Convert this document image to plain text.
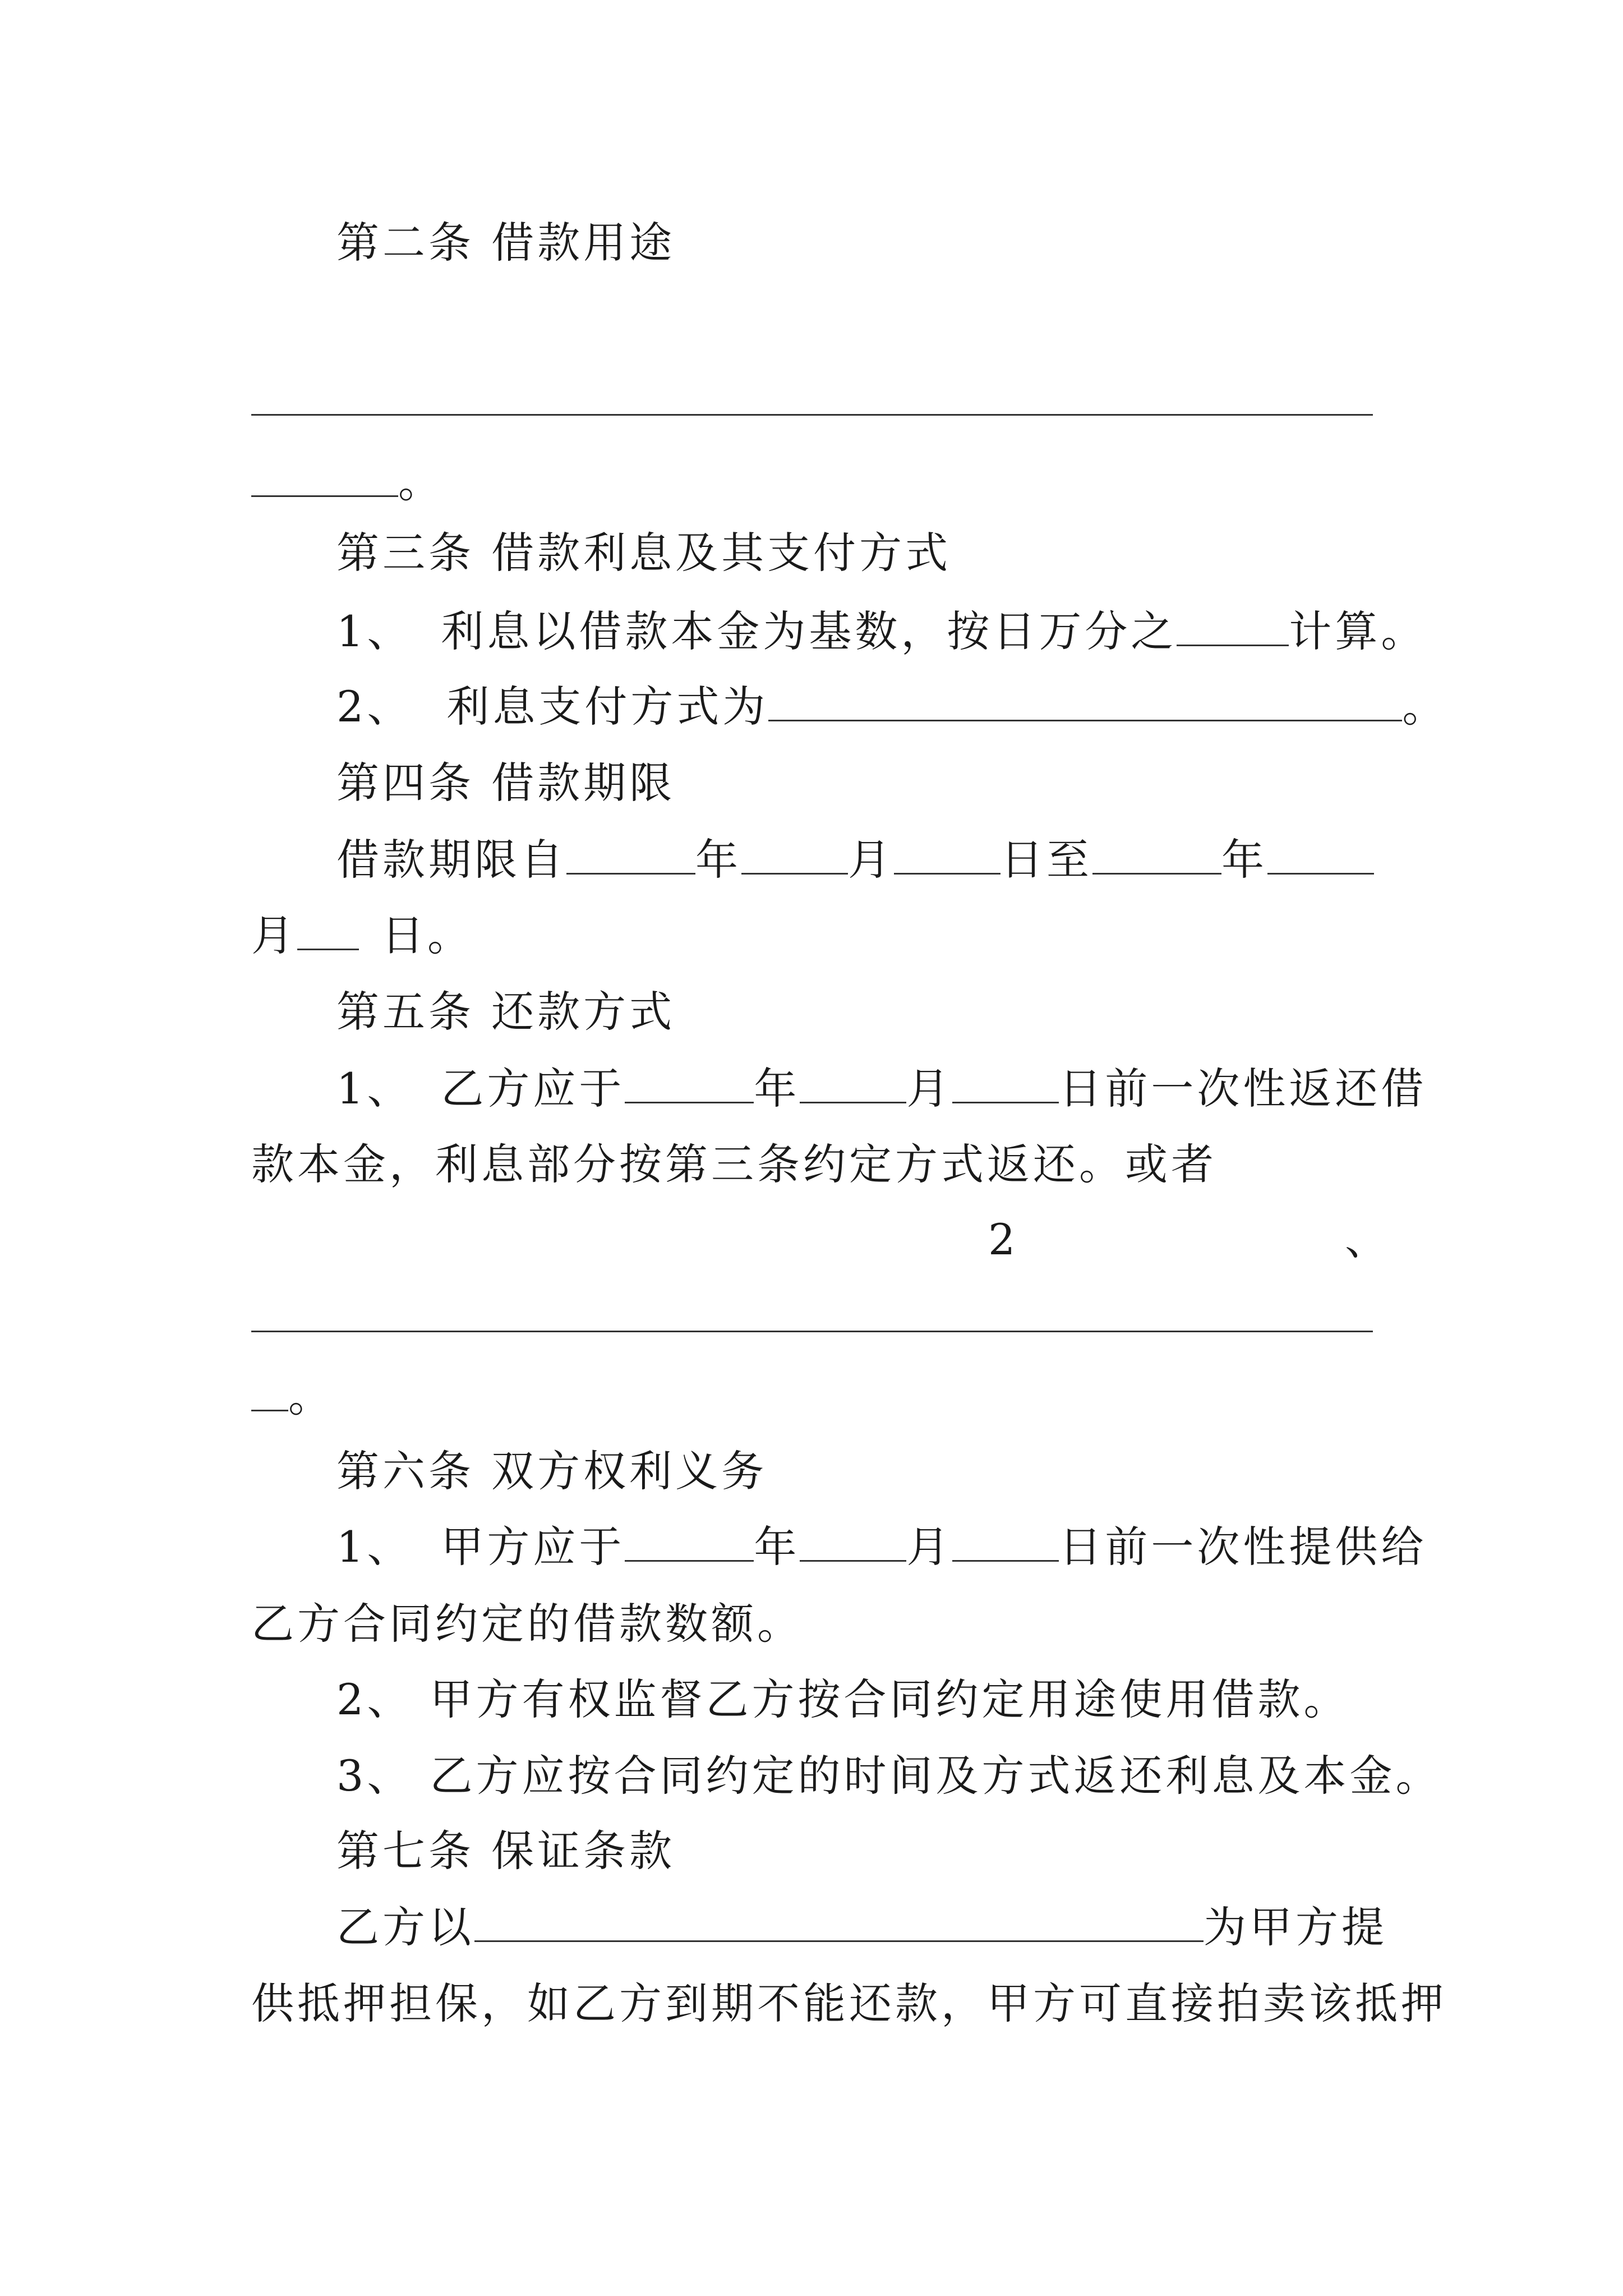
第二条 借款用途
。
第三条 借款利息及其支付方式
1、 利息以借款本金为基数，按日万分之	计算。
2、 利息支付方式为	。
第四条 借款期限
借款期限自	年	月	日至	年
月 日。
第五条 还款方式
1、 乙方应于	年	月	日前一次性返还借
款本金，利息部分按第三条约定方式返还。或者
2	、
。
第六条 双方权利义务
1、 甲方应于	年	月	日前一次性提供给
乙方合同约定的借款数额。
2、 甲方有权监督乙方按合同约定用途使用借款。
3、 乙方应按合同约定的时间及方式返还利息及本金。
第七条 保证条款
乙方以	为甲方提
供抵押担保，如乙方到期不能还款，甲方可直接拍卖该抵押
